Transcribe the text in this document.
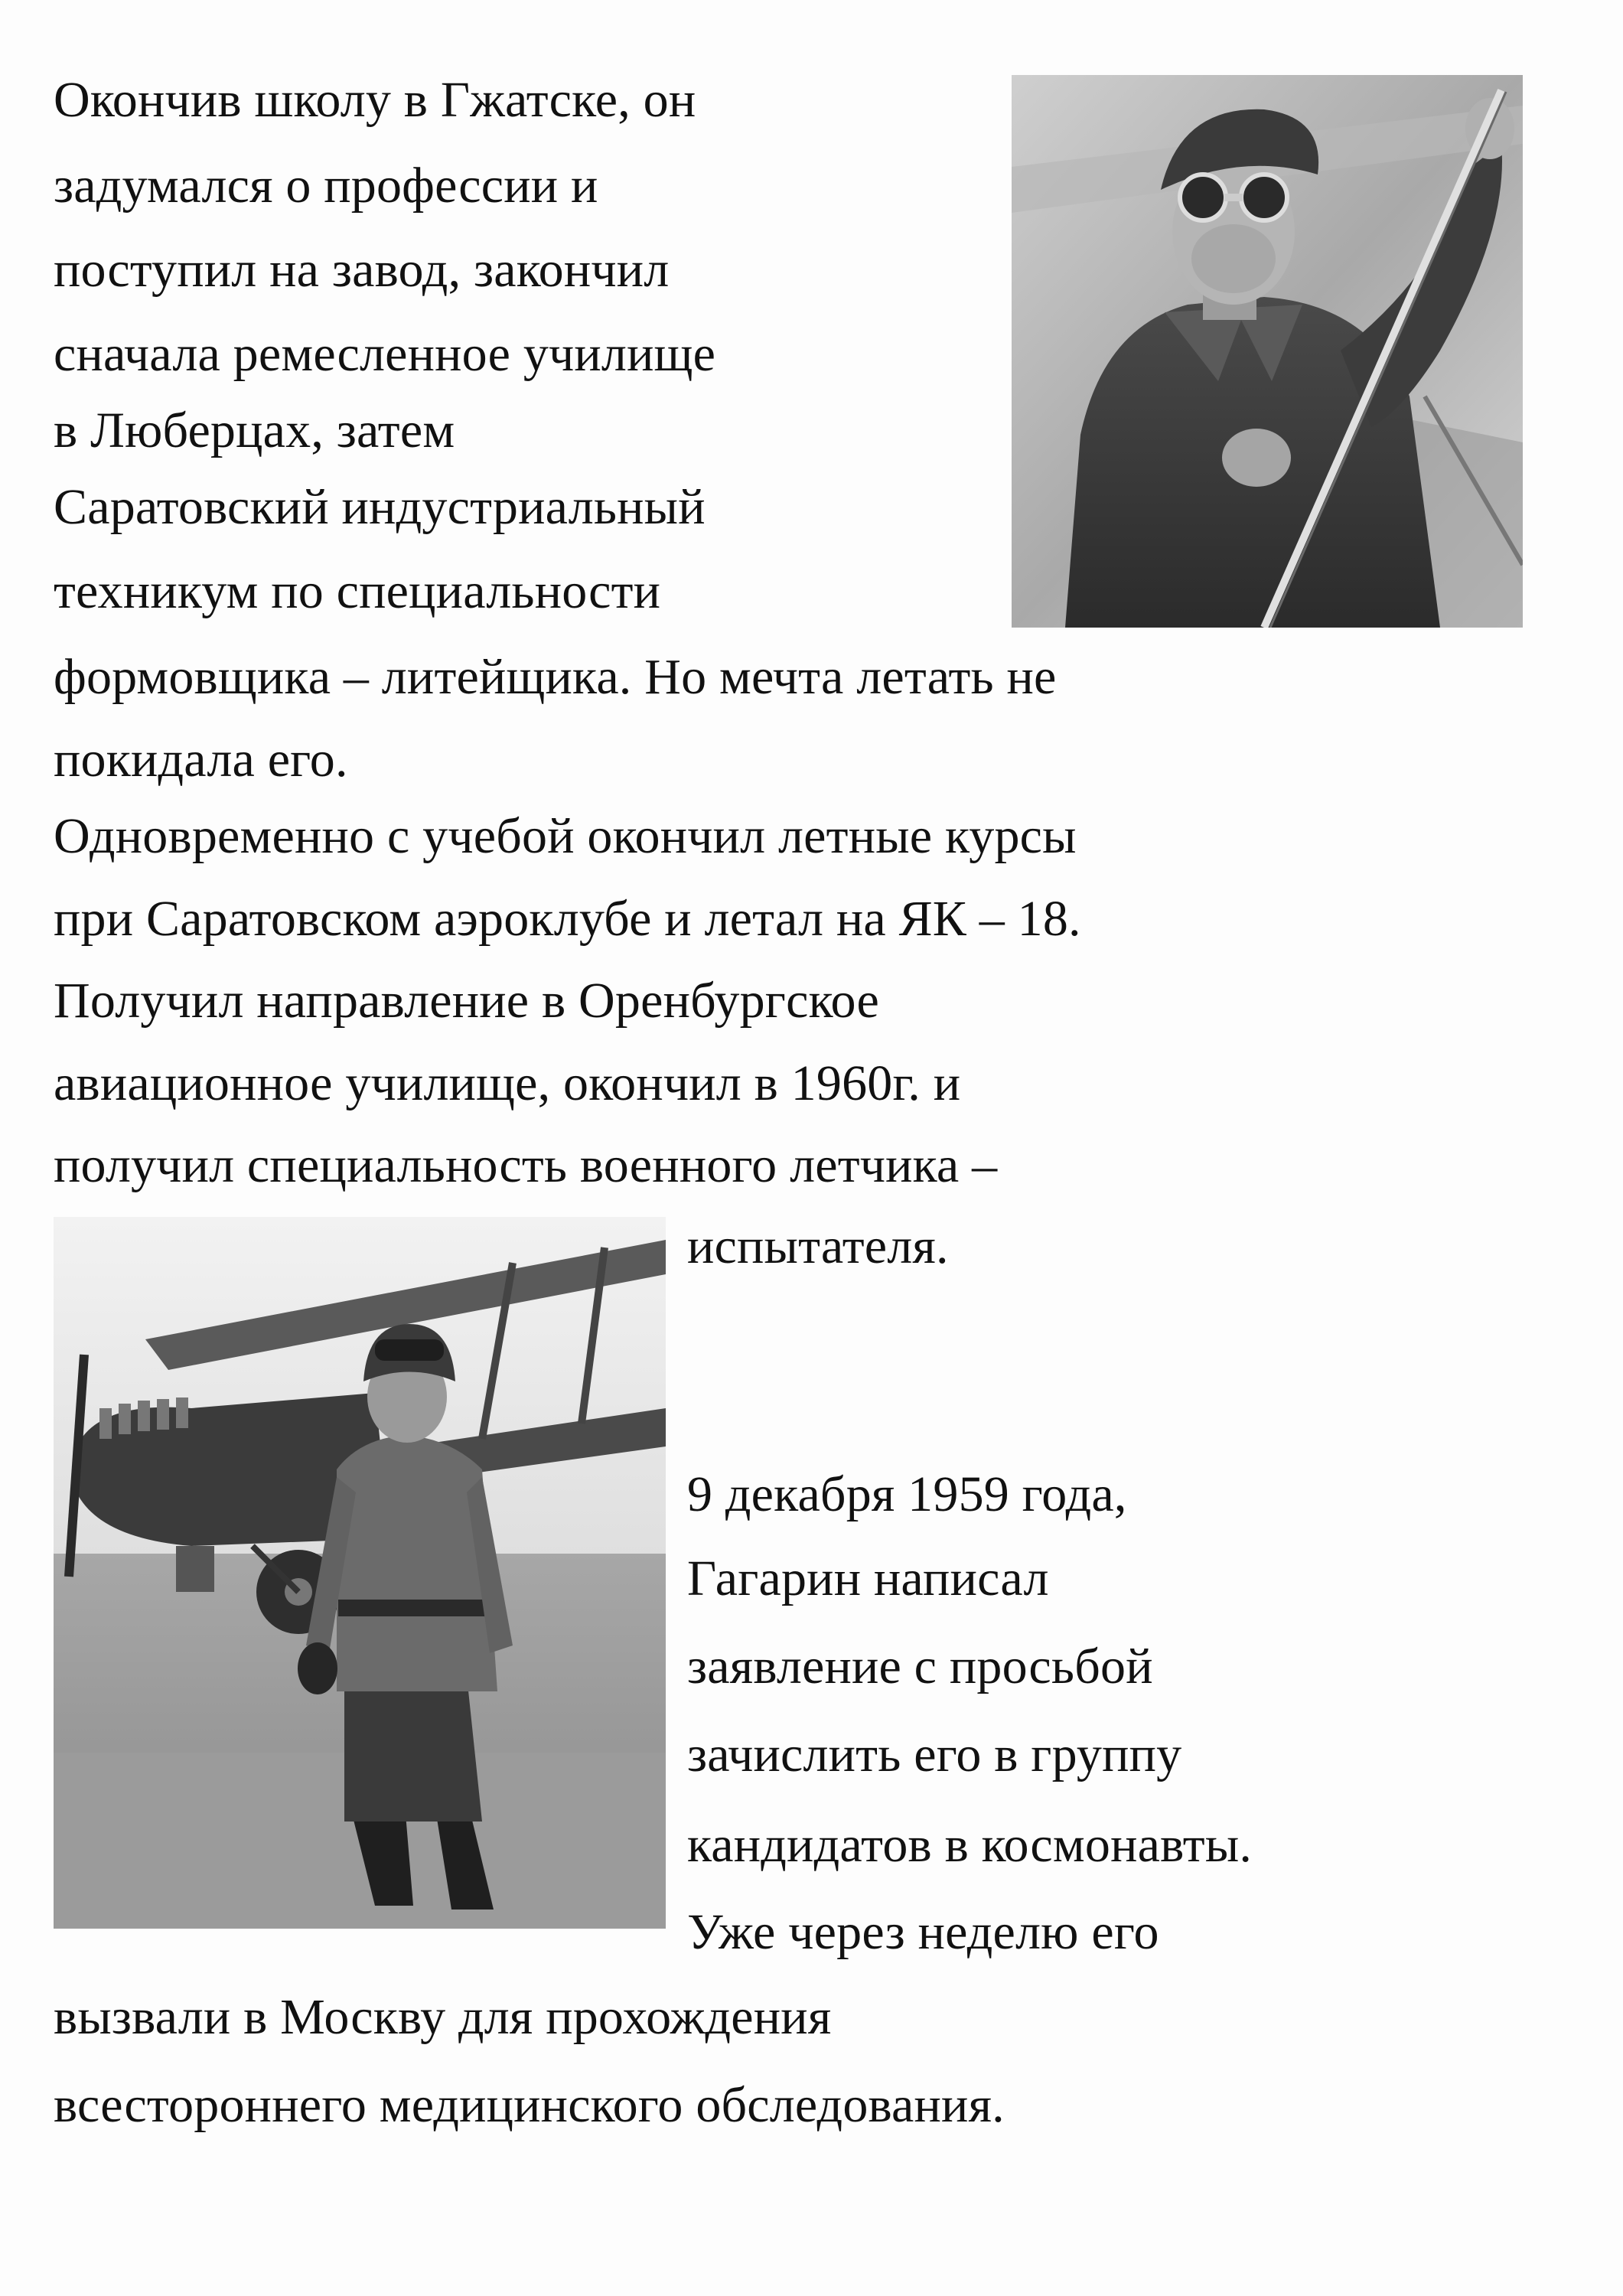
Окончив школу в Гжатске, он
задумался о профессии и
поступил на завод, закончил
сначала ремесленное училище
в Люберцах, затем
Саратовский индустриальный
техникум по специальности
формовщика – литейщика. Но мечта летать не
покидала его.
Одновременно с учебой окончил летные курсы
при Саратовском аэроклубе и летал на ЯК – 18.
Получил направление в Оренбургское
авиационное училище, окончил в 1960г. и
получил специальность военного летчика –
испытателя.
9 декабря 1959 года,
Гагарин написал
заявление с просьбой
зачислить его в группу
кандидатов в космонавты.
Уже через неделю его
вызвали в Москву для прохождения
всестороннего медицинского обследования.
